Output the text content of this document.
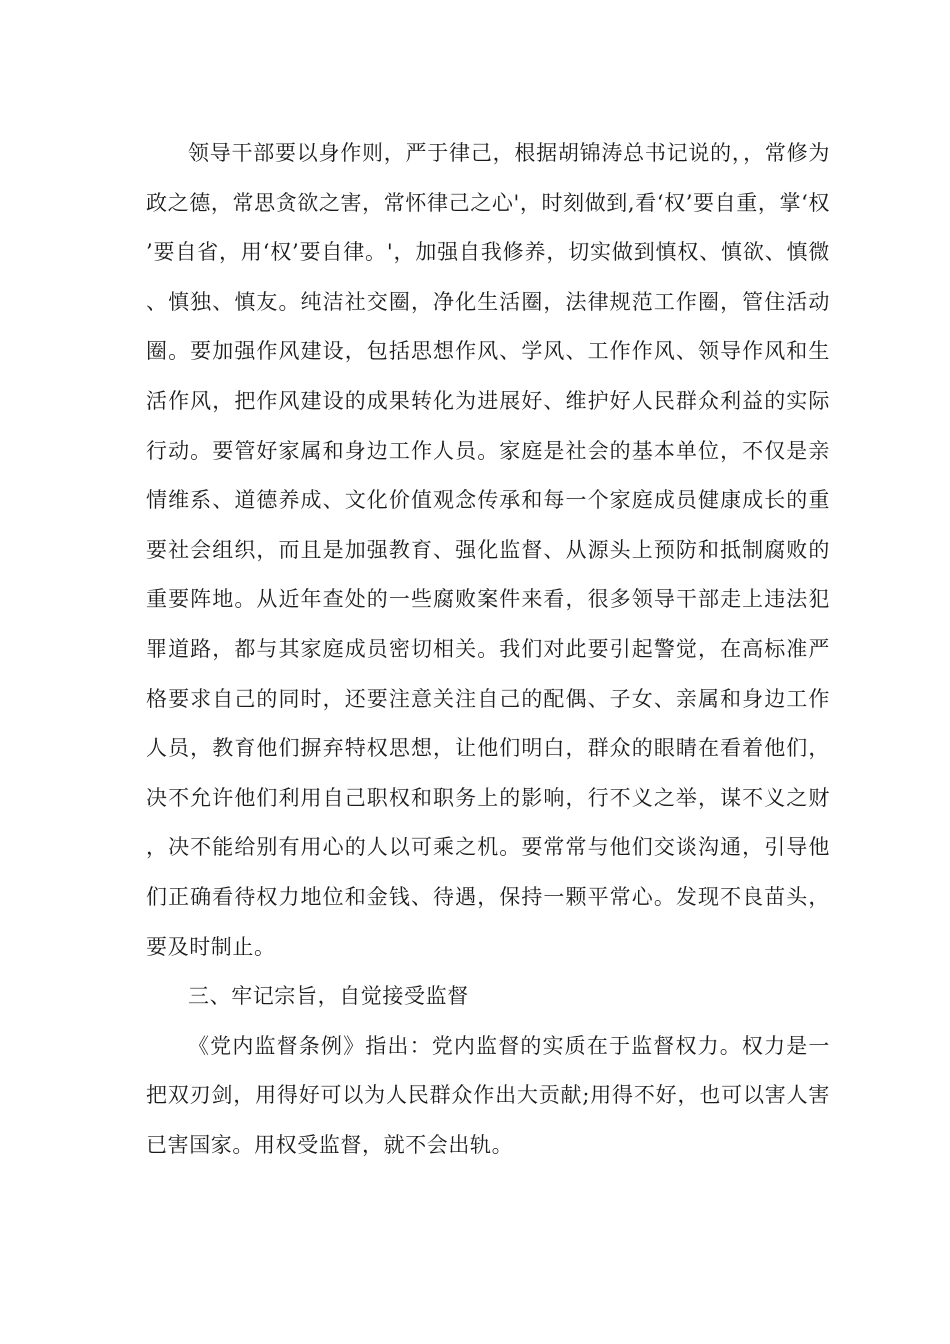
领导干部要以身作则，严于律己，根据胡锦涛总书记说的，，常修为政之德，常思贪欲之害，常怀律己之心'，时刻做到,看‘权’要自重，掌‘权’要自省，用‘权’要自律。'，加强自我修养，切实做到慎权、慎欲、慎微、慎独、慎友。纯洁社交圈，净化生活圈，法律规范工作圈，管住活动圈。要加强作风建设，包括思想作风、学风、工作作风、领导作风和生活作风，把作风建设的成果转化为进展好、维护好人民群众利益的实际行动。要管好家属和身边工作人员。家庭是社会的基本单位，不仅是亲情维系、道德养成、文化价值观念传承和每一个家庭成员健康成长的重要社会组织，而且是加强教育、强化监督、从源头上预防和抵制腐败的重要阵地。从近年查处的一些腐败案件来看，很多领导干部走上违法犯罪道路，都与其家庭成员密切相关。我们对此要引起警觉，在高标准严格要求自己的同时，还要注意关注自己的配偶、子女、亲属和身边工作人员，教育他们摒弃特权思想，让他们明白，群众的眼睛在看着他们，决不允许他们利用自己职权和职务上的影响，行不义之举，谋不义之财，决不能给别有用心的人以可乘之机。要常常与他们交谈沟通，引导他们正确看待权力地位和金钱、待遇，保持一颗平常心。发现不良苗头，要及时制止。

三、牢记宗旨，自觉接受监督

《党内监督条例》指出：党内监督的实质在于监督权力。权力是一把双刃剑，用得好可以为人民群众作出大贡献;用得不好，也可以害人害已害国家。用权受监督，就不会出轨。
